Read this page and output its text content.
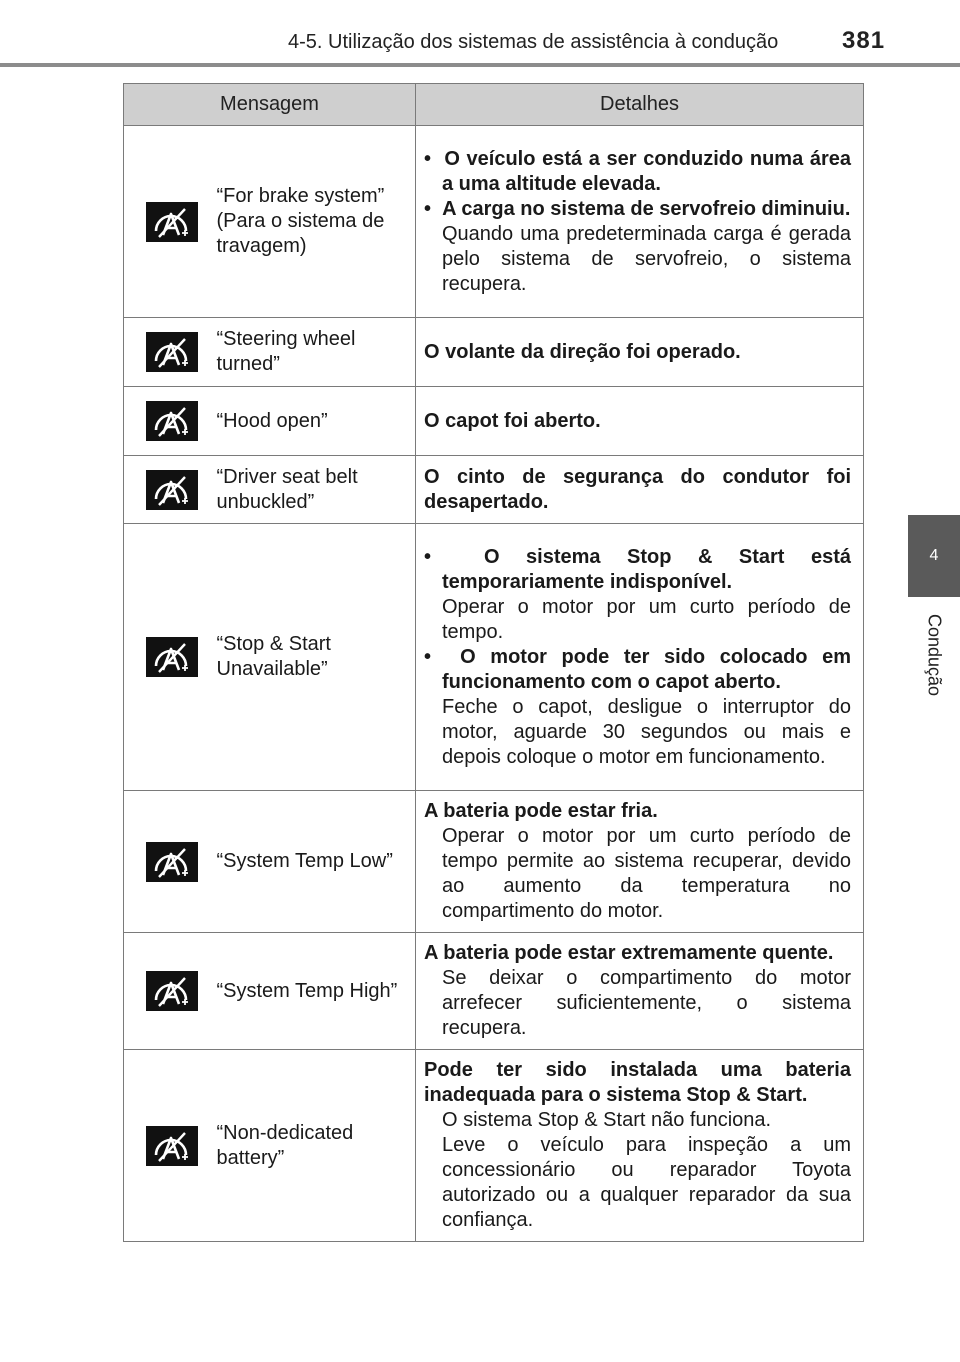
4-5. Utilização dos sistemas de assistência à condução	381
4
Condução
Mensagem		Detalhes

	“For brake system” (Para o sistema de travagem)	•  O veículo está a ser conduzido numa área a uma altitude elevada.
•  A carga no sistema de servofreio diminuiu.
Quando uma predeterminada carga é gerada pelo sistema de servofreio, o sistema recupera.

	“Steering wheel turned”	O volante da direção foi operado.

	“Hood open”	O capot foi aberto.

	“Driver seat belt unbuckled”	O cinto de segurança do condutor foi desapertado.

	“Stop & Start Unavailable”	•  O sistema Stop & Start está temporariamente indisponível.
Operar o motor por um curto período de tempo.
•  O motor pode ter sido colocado em funcionamento com o capot aberto.
Feche o capot, desligue o interruptor do motor, aguarde 30 segundos ou mais e depois coloque o motor em funcionamento.

	“System Temp Low”	A bateria pode estar fria.
Operar o motor por um curto período de tempo permite ao sistema recuperar, devido ao aumento da temperatura no compartimento do motor.

	“System Temp High”	A bateria pode estar extremamente quente.
Se deixar o compartimento do motor arrefecer suficientemente, o sistema recupera.

	“Non-dedicated battery”	Pode ter sido instalada uma bateria inadequada para o sistema Stop & Start.
O sistema Stop & Start não funciona.
Leve o veículo para inspeção a um concessionário ou reparador Toyota autorizado ou a qualquer reparador da sua confiança.
